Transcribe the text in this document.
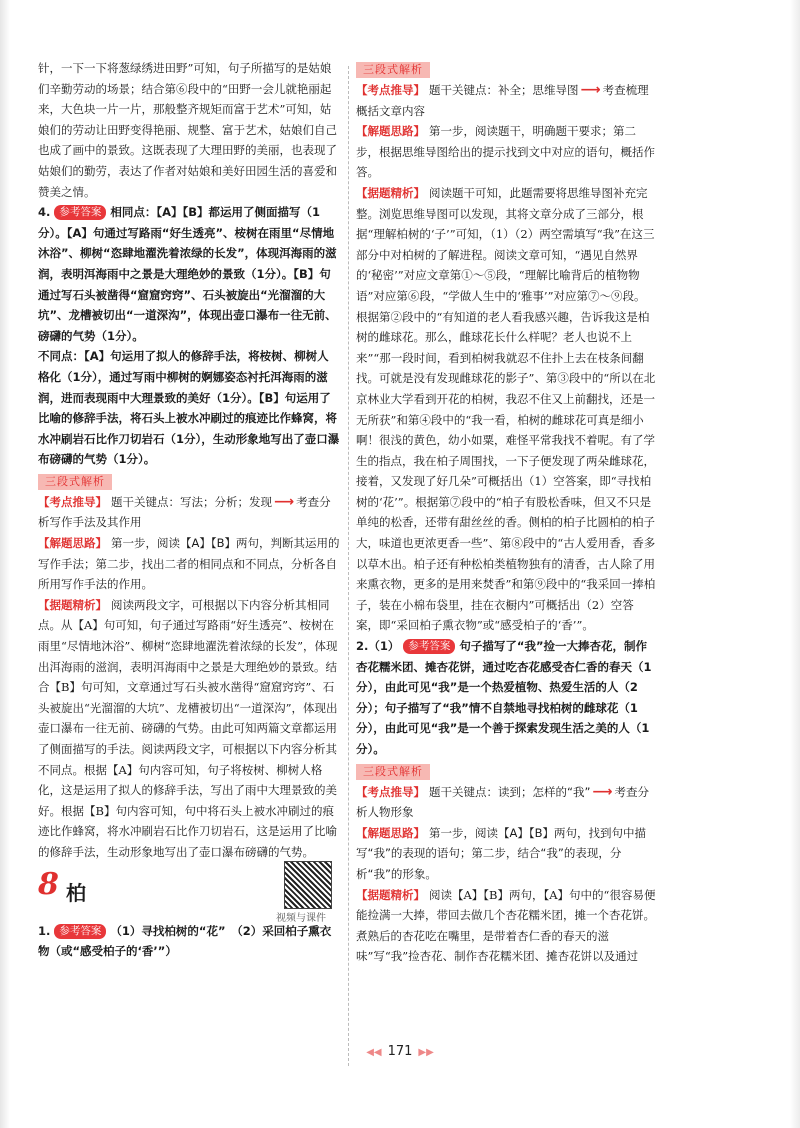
针，一下一下将葱绿绣进田野”可知，句子所描写的是姑娘们辛勤劳动的场景；结合第⑥段中的“田野一会儿就艳丽起来，大色块一片一片，那般整齐规矩而富于艺术”可知，姑娘们的劳动让田野变得艳丽、规整、富于艺术，姑娘们自己也成了画中的景致。这既表现了大理田野的美丽，也表现了姑娘们的勤劳，表达了作者对姑娘和美好田园生活的喜爱和赞美之情。

4. 参考答案 相同点：【A】【B】都运用了侧面描写（1分）。【A】句通过写路雨“好生透亮”、桉树在雨里“尽情地沐浴”、柳树“恣肆地濯洗着浓绿的长发”，体现洱海雨的滋润，表明洱海雨中之景是大理绝妙的景致（1分）。【B】句通过写石头被凿得“窟窟窍窍”、石头被旋出“光溜溜的大坑”、龙槽被切出“一道深沟”，体现出壶口瀑布一往无前、磅礴的气势（1分）。

不同点：【A】句运用了拟人的修辞手法，将桉树、柳树人格化（1分），通过写雨中柳树的婀娜姿态衬托洱海雨的滋润，进而表现雨中大理景致的美好（1分）。【B】句运用了比喻的修辞手法，将石头上被水冲刷过的痕迹比作蜂窝，将水冲刷岩石比作刀切岩石（1分），生动形象地写出了壶口瀑布磅礴的气势（1分）。

三段式解析

【考点推导】 题干关键点：写法；分析；发现 ⟶ 考查分析写作手法及其作用

【解题思路】 第一步，阅读【A】【B】两句，判断其运用的写作手法；第二步，找出二者的相同点和不同点，分析各自所用写作手法的作用。

【据题精析】 阅读两段文字，可根据以下内容分析其相同点。从【A】句可知，句子通过写路雨“好生透亮”、桉树在雨里“尽情地沐浴”、柳树“恣肆地濯洗着浓绿的长发”，体现出洱海雨的滋润，表明洱海雨中之景是大理绝妙的景致。结合【B】句可知，文章通过写石头被水凿得“窟窟窍窍”、石头被旋出“光溜溜的大坑”、龙槽被切出“一道深沟”，体现出壶口瀑布一往无前、磅礴的气势。由此可知两篇文章都运用了侧面描写的手法。阅读两段文字，可根据以下内容分析其不同点。根据【A】句内容可知，句子将桉树、柳树人格化，这是运用了拟人的修辞手法，写出了雨中大理景致的美好。根据【B】句内容可知，句中将石头上被水冲刷过的痕迹比作蜂窝，将水冲刷岩石比作刀切岩石，这是运用了比喻的修辞手法，生动形象地写出了壶口瀑布磅礴的气势。

8 柏
视频与课件

1. 参考答案 （1）寻找柏树的“花”　（2）采回柏子熏衣物（或“感受柏子的‘香’”）

三段式解析

【考点推导】 题干关键点：补全；思维导图 ⟶ 考查梳理概括文章内容

【解题思路】 第一步，阅读题干，明确题干要求；第二步，根据思维导图给出的提示找到文中对应的语句，概括作答。

【据题精析】 阅读题干可知，此题需要将思维导图补充完整。浏览思维导图可以发现，其将文章分成了三部分，根据“理解柏树的‘子’”可知，（1）（2）两空需填写“我”在这三部分中对柏树的了解进程。阅读文章可知，“遇见自然界的‘秘密’”对应文章第①～⑤段，“理解比喻背后的植物物语”对应第⑥段，“学做人生中的‘雅事’”对应第⑦～⑨段。根据第②段中的“有知道的老人看我感兴趣，告诉我这是柏树的雌球花。那么，雌球花长什么样呢？老人也说不上来”“那一段时间，看到柏树我就忍不住扑上去在枝条间翻找。可就是没有发现雌球花的影子”、第③段中的“所以在北京林业大学看到开花的柏树，我忍不住又上前翻找，还是一无所获”和第④段中的“我一看，柏树的雌球花可真是细小啊！很浅的黄色，幼小如粟，难怪平常我找不着呢。有了学生的指点，我在柏子周围找，一下子便发现了两朵雌球花，接着，又发现了好几朵”可概括出（1）空答案，即“寻找柏树的‘花’”。根据第⑦段中的“柏子有股松香味，但又不只是单纯的松香，还带有甜丝丝的香。侧柏的柏子比圆柏的柏子大，味道也更浓更香一些”、第⑧段中的“古人爱用香，香多以草木出。柏子还有种松柏类植物独有的清香，古人除了用来熏衣物，更多的是用来焚香”和第⑨段中的“我采回一捧柏子，装在小棉布袋里，挂在衣橱内”可概括出（2）空答案，即“采回柏子熏衣物”或“感受柏子的‘香’”。

2.（1） 参考答案 句子描写了“我”捡一大捧杏花，制作杏花糯米团、摊杏花饼，通过吃杏花感受杏仁香的春天（1分），由此可见“我”是一个热爱植物、热爱生活的人（2分）；句子描写了“我”情不自禁地寻找柏树的雌球花（1分），由此可见“我”是一个善于探索发现生活之美的人（1分）。

三段式解析

【考点推导】 题干关键点：读到；怎样的“我” ⟶ 考查分析人物形象

【解题思路】 第一步，阅读【A】【B】两句，找到句中描写“我”的表现的语句；第二步，结合“我”的表现，分析“我”的形象。

【据题精析】 阅读【A】【B】两句，【A】句中的“很容易便能捡满一大捧，带回去做几个杏花糯米团，摊一个杏花饼。煮熟后的杏花吃在嘴里，是带着杏仁香的春天的滋味”写“我”捡杏花、制作杏花糯米团、摊杏花饼以及通过

◀◀ 171 ▶▶
